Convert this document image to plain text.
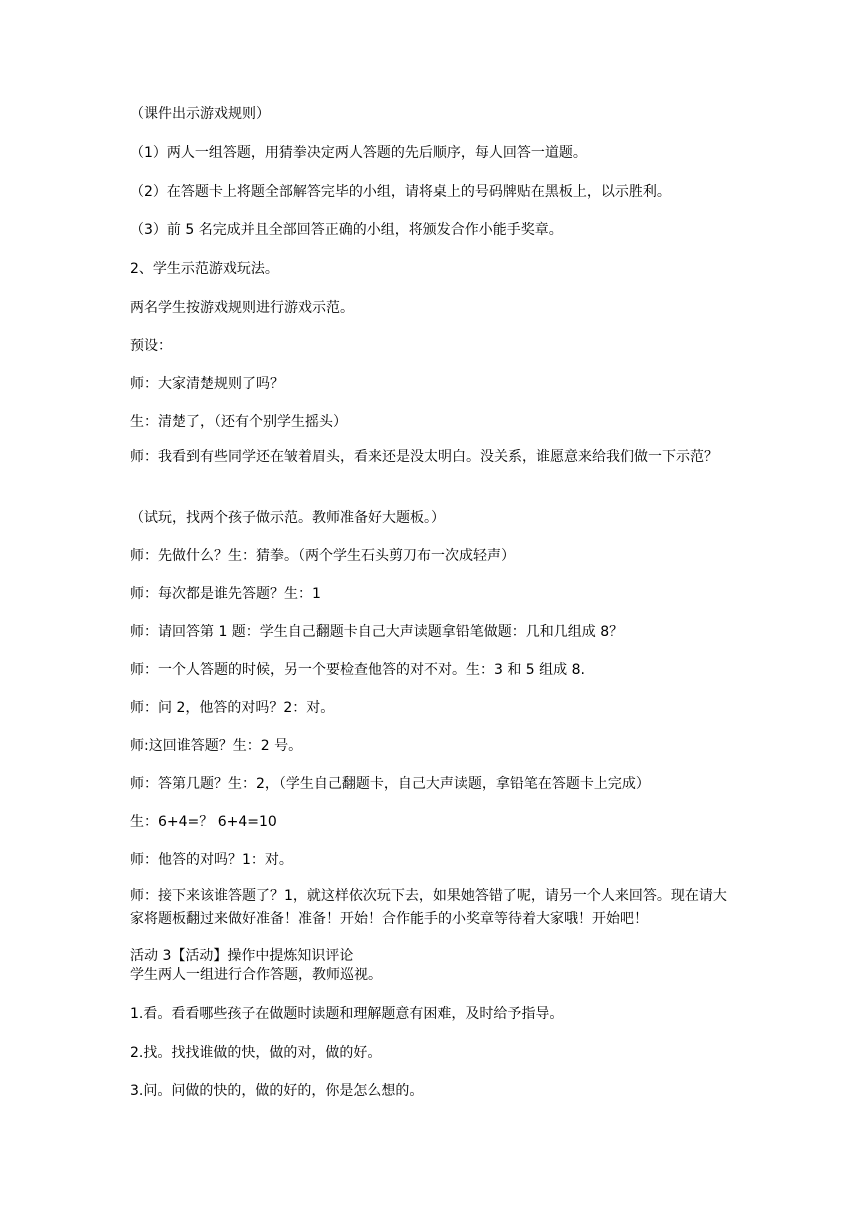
（课件出示游戏规则）

（1）两人一组答题，用猜拳决定两人答题的先后顺序，每人回答一道题。

（2）在答题卡上将题全部解答完毕的小组，请将桌上的号码牌贴在黑板上，以示胜利。

（3）前 5 名完成并且全部回答正确的小组，将颁发合作小能手奖章。

2、学生示范游戏玩法。

两名学生按游戏规则进行游戏示范。

预设：

师：大家清楚规则了吗？

生：清楚了，（还有个别学生摇头）

师：我看到有些同学还在皱着眉头，看来还是没太明白。没关系，谁愿意来给我们做一下示范？

（试玩，找两个孩子做示范。教师准备好大题板。）

师：先做什么？生：猜拳。（两个学生石头剪刀布一次成轻声）

师：每次都是谁先答题？生：1

师：请回答第 1 题：学生自己翻题卡自己大声读题拿铅笔做题：几和几组成 8？

师：一个人答题的时候，另一个要检查他答的对不对。生：3 和 5 组成 8.

师：问 2，他答的对吗？2：对。

师:这回谁答题？生：2 号。

师：答第几题？生：2，（学生自己翻题卡，自己大声读题，拿铅笔在答题卡上完成）

生：6+4=？ 6+4=10

师：他答的对吗？1：对。

师：接下来该谁答题了？1，就这样依次玩下去，如果她答错了呢，请另一个人来回答。现在请大家将题板翻过来做好准备！准备！开始！合作能手的小奖章等待着大家哦！开始吧！

活动 3【活动】操作中提炼知识评论

学生两人一组进行合作答题，教师巡视。

1.看。看看哪些孩子在做题时读题和理解题意有困难，及时给予指导。

2.找。找找谁做的快，做的对，做的好。

3.问。问做的快的，做的好的，你是怎么想的。
